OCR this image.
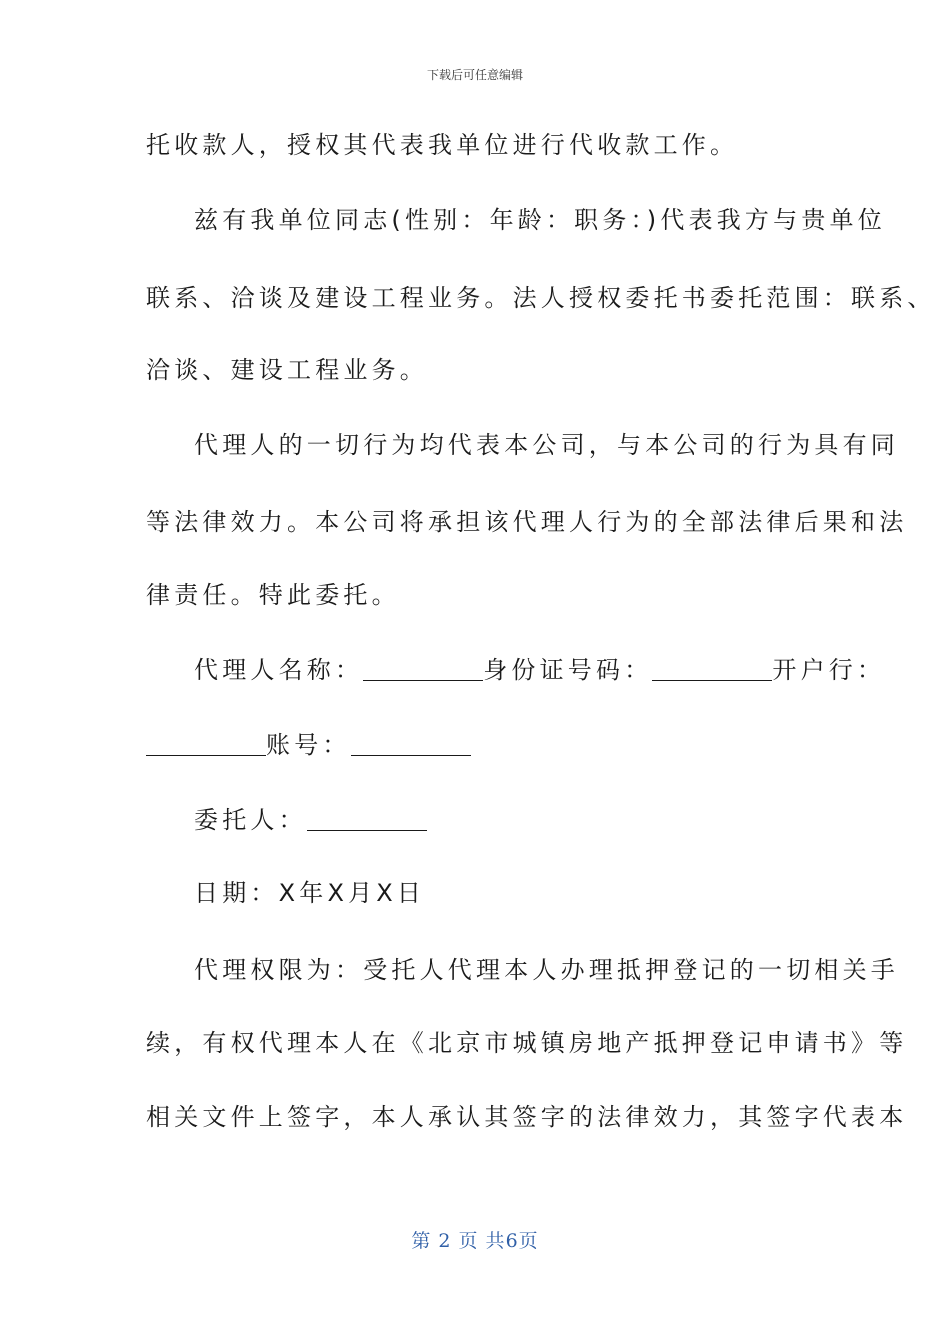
下载后可任意编辑
托收款人，授权其代表我单位进行代收款工作。
兹有我单位同志(性别：年龄：职务：)代表我方与贵单位
联系、洽谈及建设工程业务。法人授权委托书委托范围：联系、
洽谈、建设工程业务。
代理人的一切行为均代表本公司，与本公司的行为具有同
等法律效力。本公司将承担该代理人行为的全部法律后果和法
律责任。特此委托。
代理人名称：	身份证号码：	开户行：
账号：
委托人：
日期：X年X月X日
代理权限为：受托人代理本人办理抵押登记的一切相关手
续，有权代理本人在《北京市城镇房地产抵押登记申请书》等
相关文件上签字，本人承认其签字的法律效力，其签字代表本
第 2 页 共6页
